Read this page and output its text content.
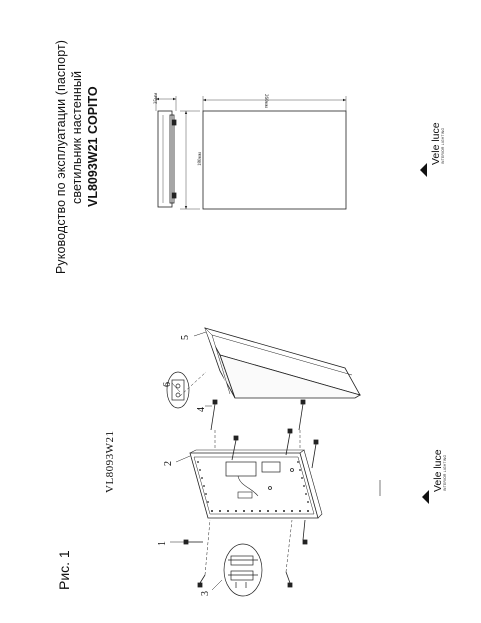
Руководство по эксплуатации (паспорт) светильник настенный VL8093W21 COPITO	35мм
180мм
260мм
Vele luce INTERIOR LIGHTING
Vele luce INTERIOR LIGHTING
VL8093W21
Рис. 1
1
2
3
4
5
6
